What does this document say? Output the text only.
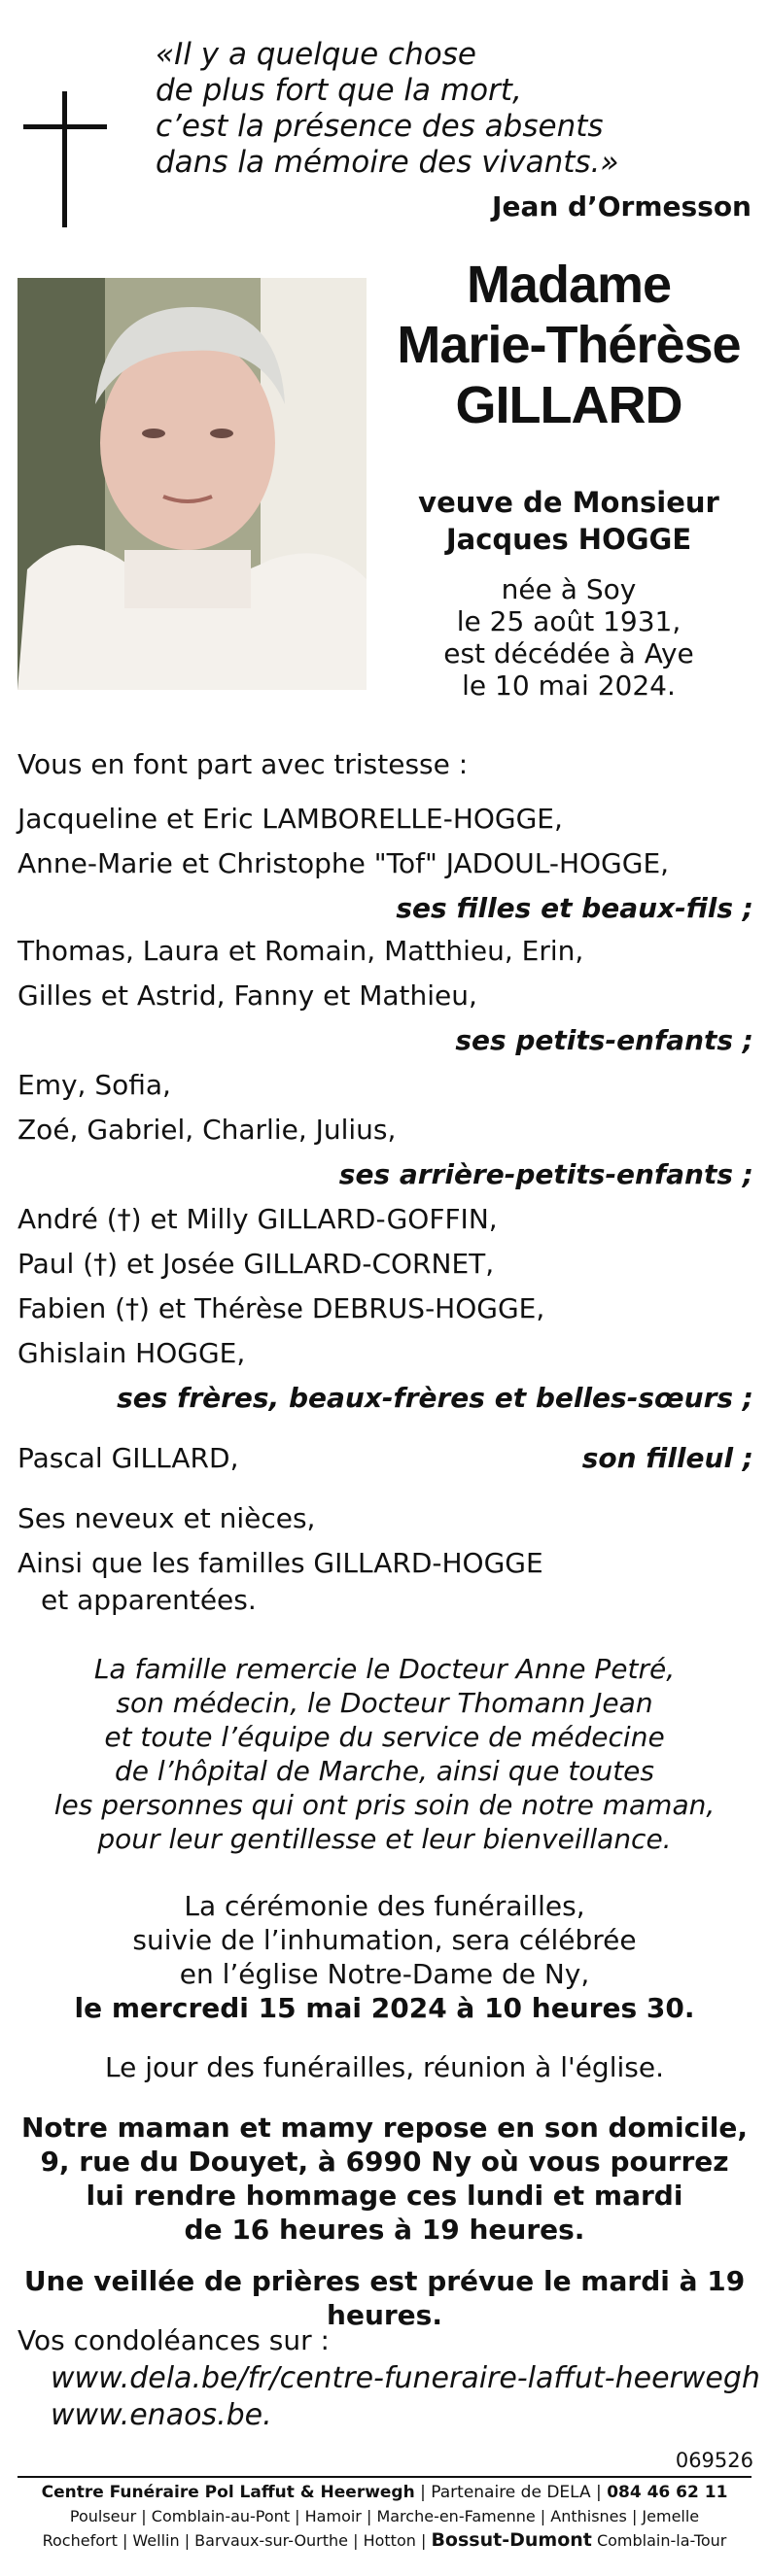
«Il y a quelque chose
de plus fort que la mort,
c’est la présence des absents
dans la mémoire des vivants.»
Jean d’Ormesson
Madame
Marie-Thérèse
GILLARD
veuve de Monsieur
Jacques HOGGE
née à Soy
le 25 août 1931,
est décédée à Aye
le 10 mai 2024.
Vous en font part avec tristesse :
Jacqueline et Eric LAMBORELLE-HOGGE,
Anne-Marie et Christophe "Tof" JADOUL-HOGGE,
ses filles et beaux-fils ;
Thomas, Laura et Romain, Matthieu, Erin,
Gilles et Astrid, Fanny et Mathieu,
ses petits-enfants ;
Emy, Sofia,
Zoé, Gabriel, Charlie, Julius,
ses arrière-petits-enfants ;
André (†) et Milly GILLARD-GOFFIN,
Paul (†) et Josée GILLARD-CORNET,
Fabien (†) et Thérèse DEBRUS-HOGGE,
Ghislain HOGGE,
ses frères, beaux-frères et belles-sœurs ;
Pascal GILLARD,	son filleul ;
Ses neveux et nièces,
Ainsi que les familles GILLARD-HOGGE
et apparentées.
La famille remercie le Docteur Anne Petré,
son médecin, le Docteur Thomann Jean
et toute l’équipe du service de médecine
de l’hôpital de Marche, ainsi que toutes
les personnes qui ont pris soin de notre maman,
pour leur gentillesse et leur bienveillance.
La cérémonie des funérailles,
suivie de l’inhumation, sera célébrée
en l’église Notre-Dame de Ny,
le mercredi 15 mai 2024 à 10 heures 30.
Le jour des funérailles, réunion à l'église.
Notre maman et mamy repose en son domicile,
9, rue du Douyet, à 6990 Ny où vous pourrez
lui rendre hommage ces lundi et mardi
de 16 heures à 19 heures.
Une veillée de prières est prévue le mardi à 19 heures.
Vos condoléances sur :
www.dela.be/fr/centre-funeraire-laffut-heerwegh
www.enaos.be.
069526
Centre Funéraire Pol Laffut & Heerwegh | Partenaire de DELA | 084 46 62 11
Poulseur | Comblain-au-Pont | Hamoir | Marche-en-Famenne | Anthisnes | Jemelle
Rochefort | Wellin | Barvaux-sur-Ourthe | Hotton | Bossut-Dumont Comblain-la-Tour
